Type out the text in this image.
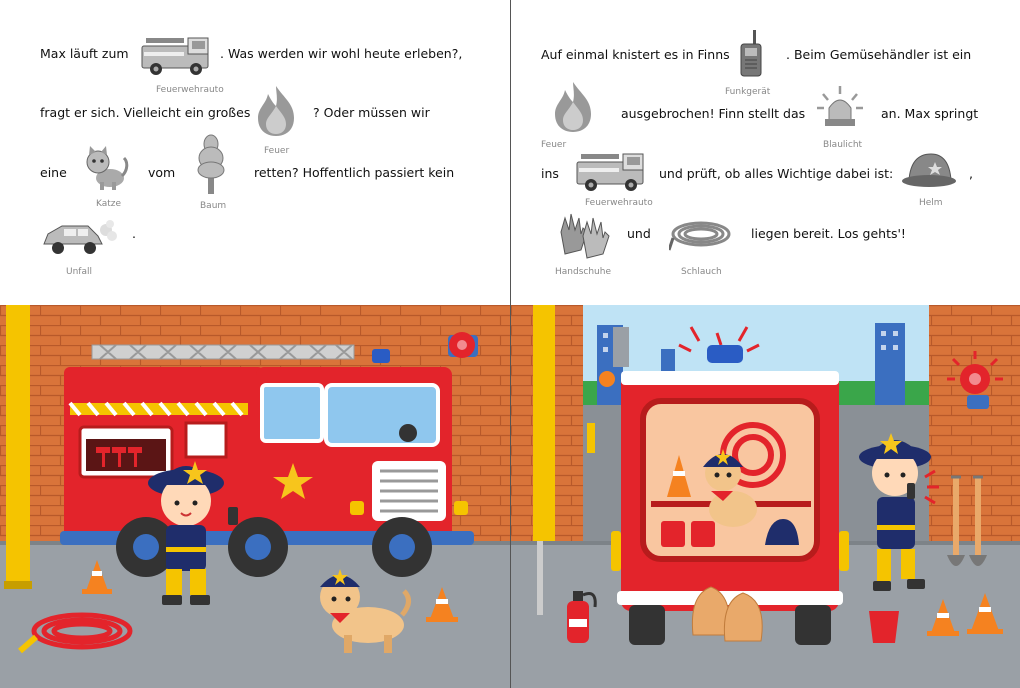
Max läuft zum	. Was werden wir wohl heute erleben?,
Feuerwehrauto
fragt er sich. Vielleicht ein großes
Feuer
? Oder müssen wir
eine
Katze
vom
Baum
retten? Hoffentlich passiert kein
.
Unfall
Auf einmal knistert es in Finns
Funkgerät
. Beim Gemüsehändler ist ein
Feuer
ausgebrochen! Finn stellt das
Blaulicht
an. Max springt
ins
Feuerwehrauto
und prüft, ob alles Wichtige dabei ist:	,
Helm
Handschuhe
und
Schlauch
liegen bereit. Los gehts'!
